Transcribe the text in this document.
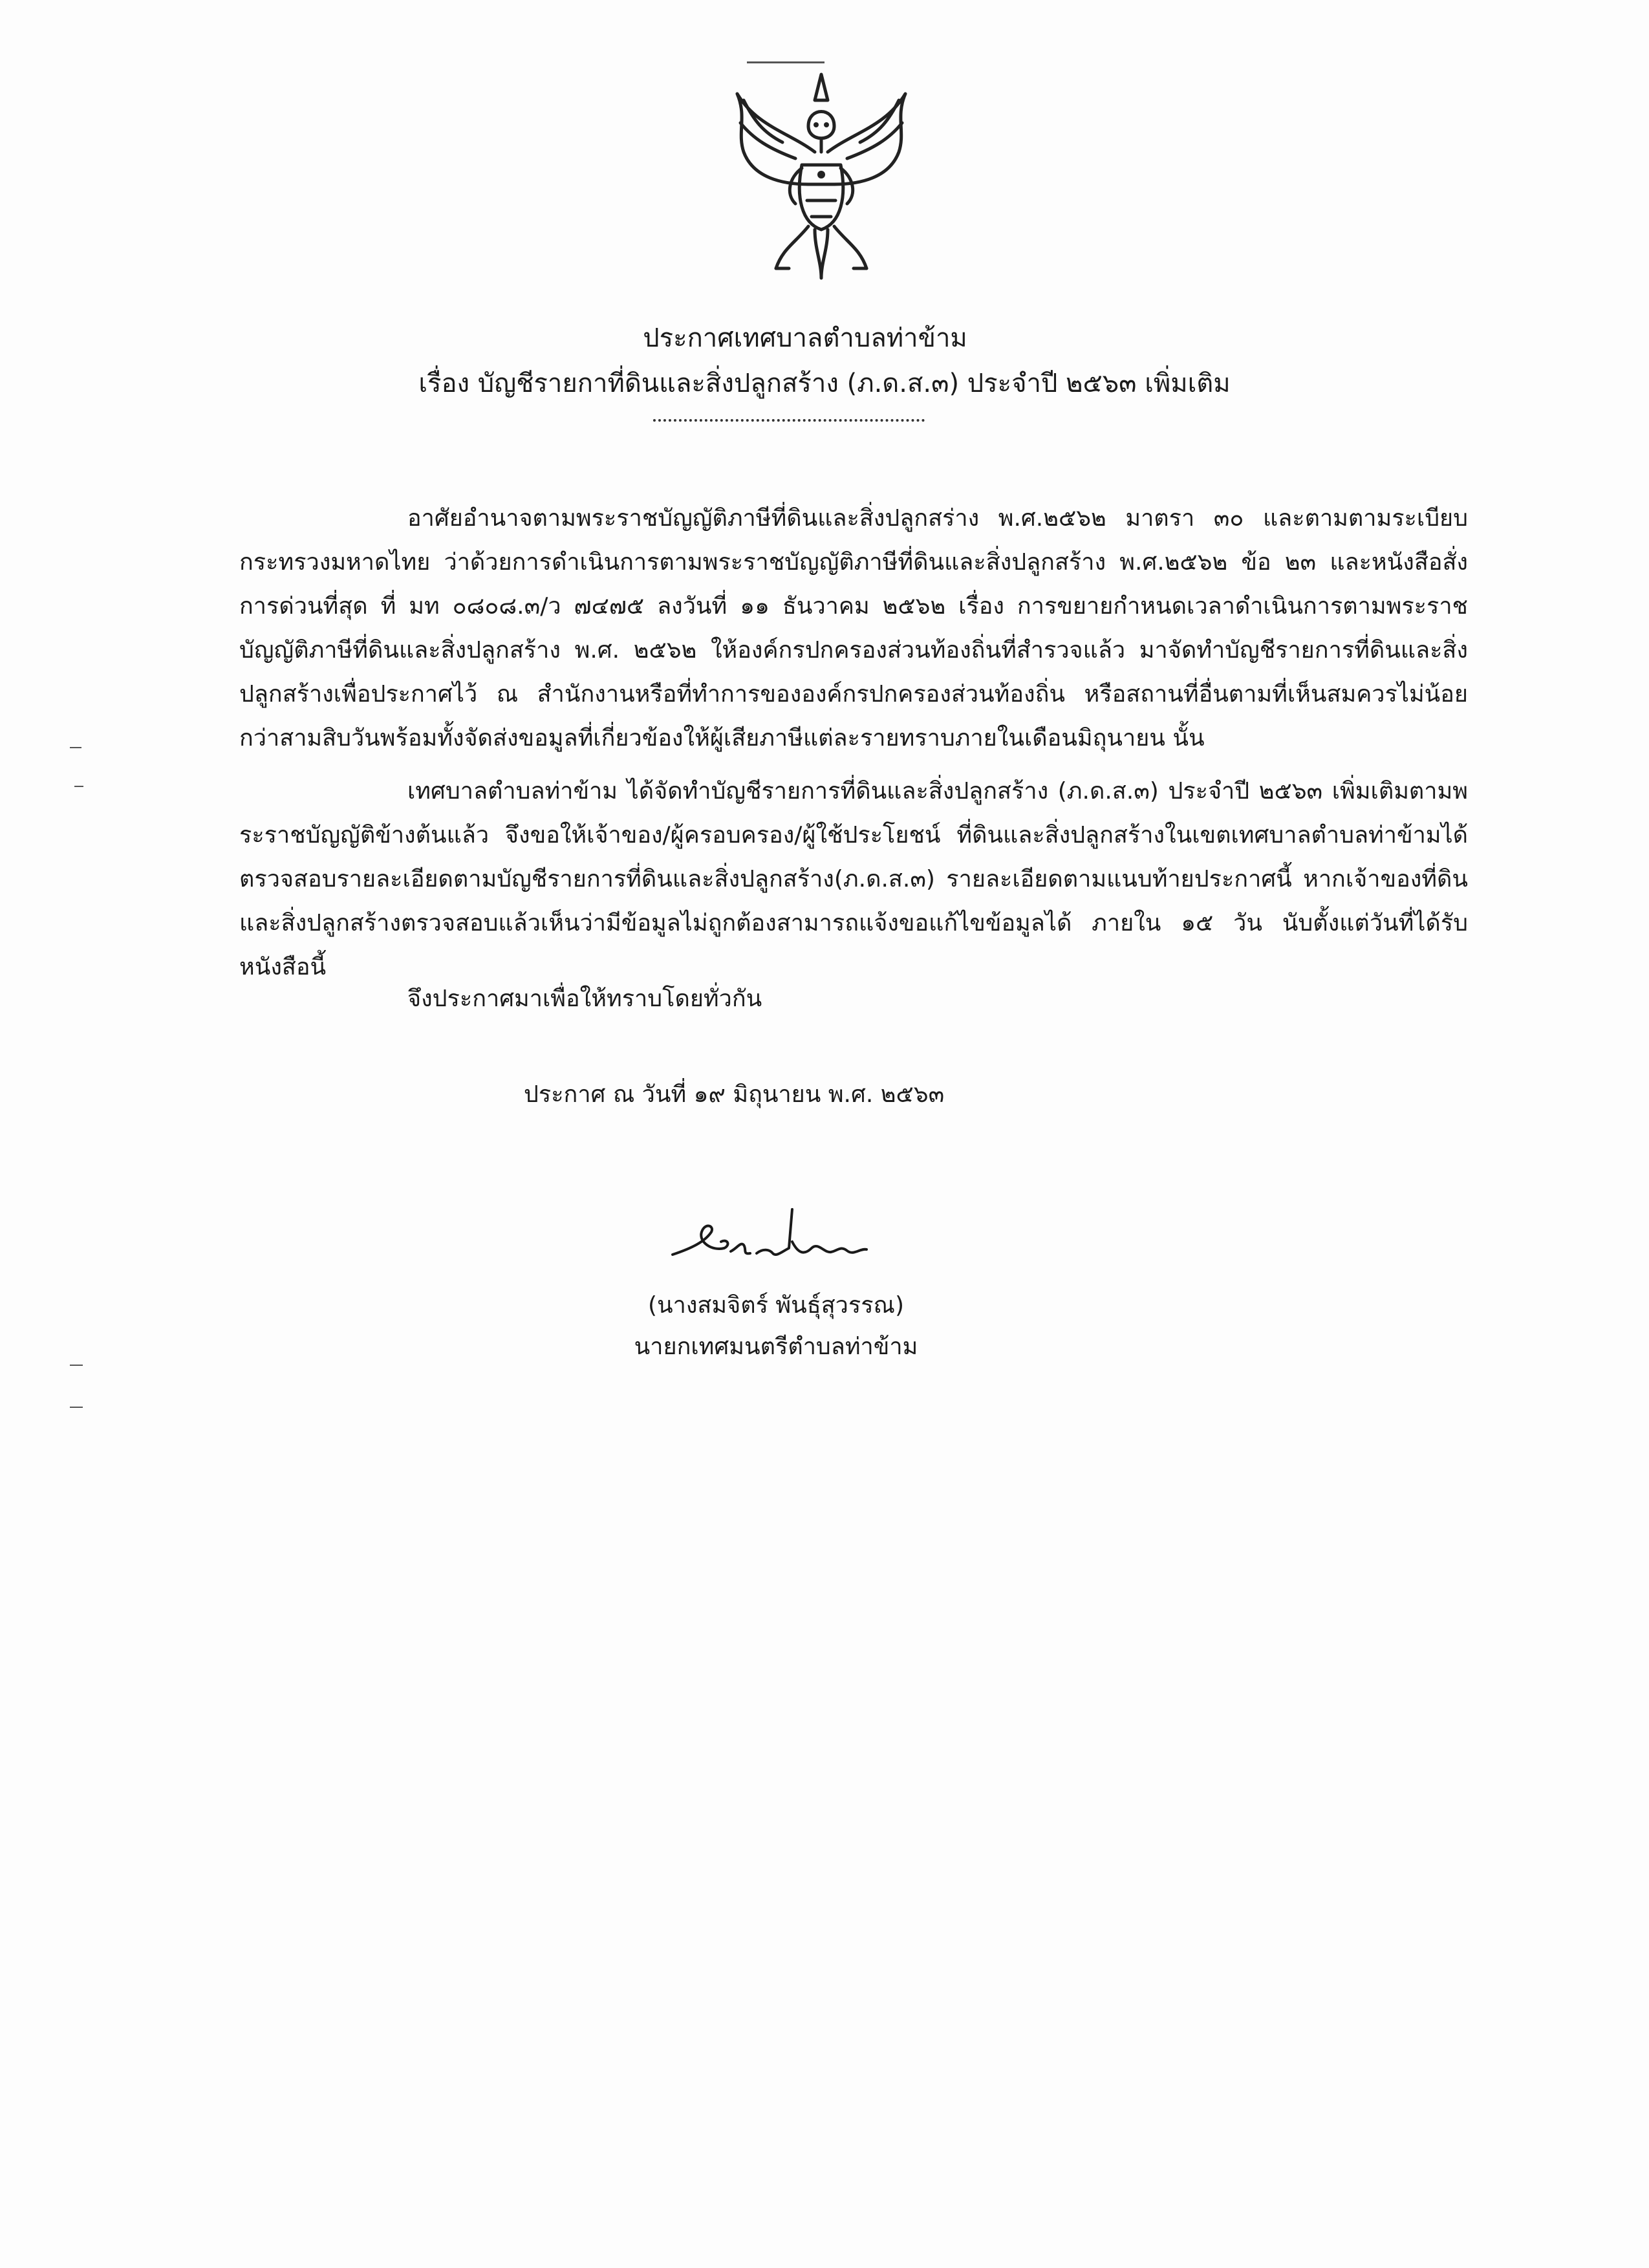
ประกาศเทศบาลตำบลท่าข้าม
เรื่อง บัญชีรายกาที่ดินและสิ่งปลูกสร้าง (ภ.ด.ส.๓) ประจำปี ๒๕๖๓ เพิ่มเติม
อาศัยอำนาจตามพระราชบัญญัติภาษีที่ดินและสิ่งปลูกสร่าง พ.ศ.๒๕๖๒ มาตรา ๓๐ และตามตามระเบียบกระทรวงมหาดไทย ว่าด้วยการดำเนินการตามพระราชบัญญัติภาษีที่ดินและสิ่งปลูกสร้าง พ.ศ.๒๕๖๒ ข้อ ๒๓ และหนังสือสั่งการด่วนที่สุด ที่ มท ๐๘๐๘.๓/ว ๗๔๗๕ ลงวันที่ ๑๑ ธันวาคม ๒๕๖๒ เรื่อง การขยายกำหนดเวลาดำเนินการตามพระราชบัญญัติภาษีที่ดินและสิ่งปลูกสร้าง พ.ศ. ๒๕๖๒ ให้องค์กรปกครองส่วนท้องถิ่นที่สำรวจแล้ว มาจัดทำบัญชีรายการที่ดินและสิ่งปลูกสร้างเพื่อประกาศไว้ ณ สำนักงานหรือที่ทำการขององค์กรปกครองส่วนท้องถิ่น หรือสถานที่อื่นตามที่เห็นสมควรไม่น้อยกว่าสามสิบวันพร้อมทั้งจัดส่งขอมูลที่เกี่ยวข้องให้ผู้เสียภาษีแต่ละรายทราบภายในเดือนมิถุนายน นั้น
เทศบาลตำบลท่าข้าม ได้จัดทำบัญชีรายการที่ดินและสิ่งปลูกสร้าง (ภ.ด.ส.๓) ประจำปี ๒๕๖๓ เพิ่มเติมตามพระราชบัญญัติข้างต้นแล้ว จึงขอให้เจ้าของ/ผู้ครอบครอง/ผู้ใช้ประโยชน์ ที่ดินและสิ่งปลูกสร้างในเขตเทศบาลตำบลท่าข้ามได้ตรวจสอบรายละเอียดตามบัญชีรายการที่ดินและสิ่งปลูกสร้าง(ภ.ด.ส.๓) รายละเอียดตามแนบท้ายประกาศนี้ หากเจ้าของที่ดินและสิ่งปลูกสร้างตรวจสอบแล้วเห็นว่ามีข้อมูลไม่ถูกต้องสามารถแจ้งขอแก้ไขข้อมูลได้ ภายใน ๑๕ วัน นับตั้งแต่วันที่ได้รับหนังสือนี้
จึงประกาศมาเพื่อให้ทราบโดยทั่วกัน
ประกาศ ณ วันที่ ๑๙ มิถุนายน พ.ศ. ๒๕๖๓
(นางสมจิตร์ พันธุ์สุวรรณ)
นายกเทศมนตรีตำบลท่าข้าม
